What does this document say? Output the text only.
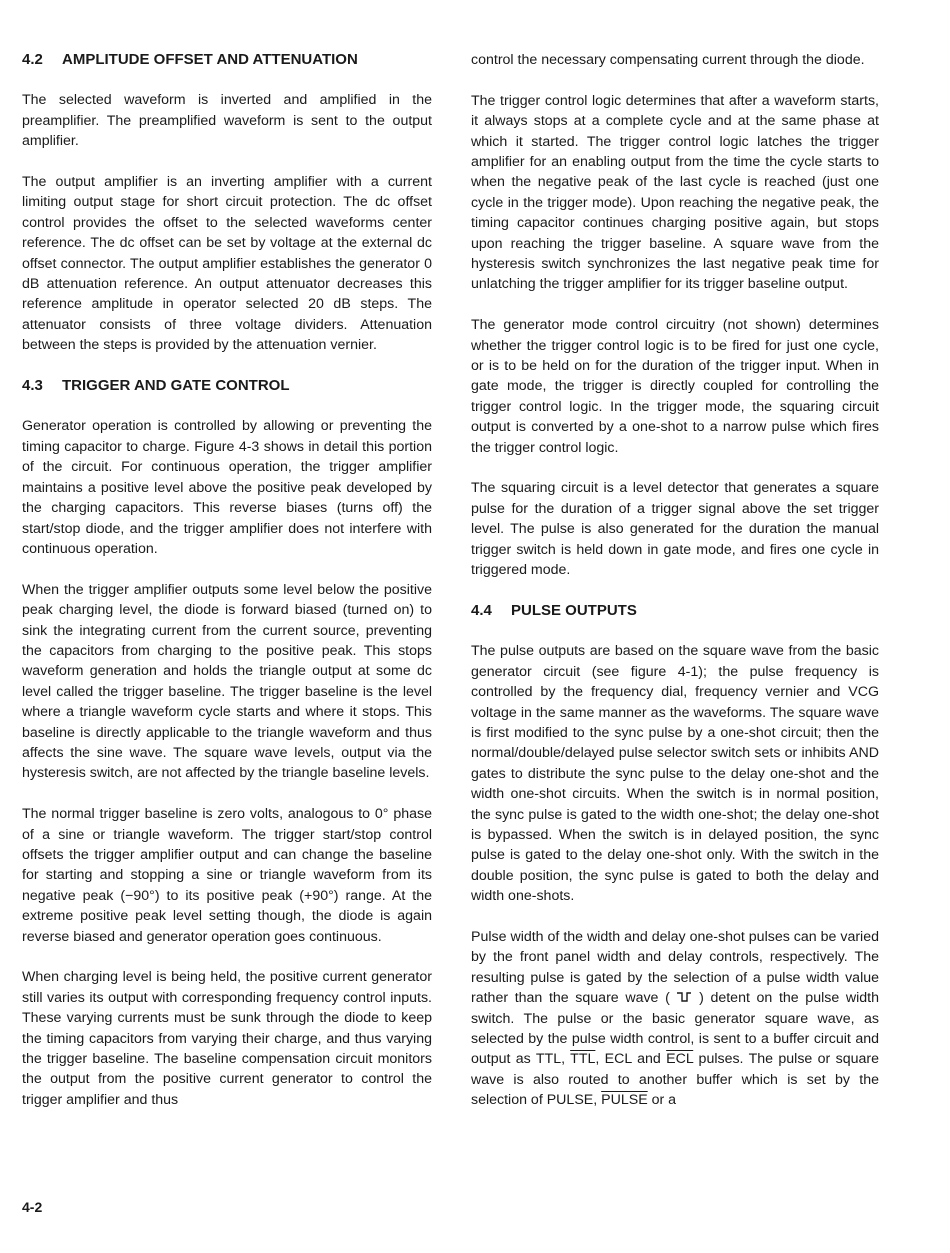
4.2 AMPLITUDE OFFSET AND ATTENUATION

The selected waveform is inverted and amplified in the preamplifier. The preamplified waveform is sent to the output amplifier.

The output amplifier is an inverting amplifier with a current limiting output stage for short circuit protection. The dc offset control provides the offset to the selected waveforms center reference. The dc offset can be set by voltage at the external dc offset connector. The output amplifier establishes the generator 0 dB attenuation reference. An output attenuator decreases this reference amplitude in operator selected 20 dB steps. The attenuator consists of three voltage dividers. Attenuation between the steps is provided by the attenuation vernier.

4.3 TRIGGER AND GATE CONTROL

Generator operation is controlled by allowing or preventing the timing capacitor to charge. Figure 4-3 shows in detail this portion of the circuit. For continuous operation, the trigger amplifier maintains a positive level above the positive peak developed by the charging capacitors. This reverse biases (turns off) the start/stop diode, and the trigger amplifier does not interfere with continuous operation.

When the trigger amplifier outputs some level below the positive peak charging level, the diode is forward biased (turned on) to sink the integrating current from the current source, preventing the capacitors from charging to the positive peak. This stops waveform generation and holds the triangle output at some dc level called the trigger baseline. The trigger baseline is the level where a triangle waveform cycle starts and where it stops. This baseline is directly applicable to the triangle waveform and thus affects the sine wave. The square wave levels, output via the hysteresis switch, are not affected by the triangle baseline levels.

The normal trigger baseline is zero volts, analogous to 0° phase of a sine or triangle waveform. The trigger start/stop control offsets the trigger amplifier output and can change the baseline for starting and stopping a sine or triangle waveform from its negative peak (−90°) to its positive peak (+90°) range. At the extreme positive peak level setting though, the diode is again reverse biased and generator operation goes continuous.

When charging level is being held, the positive current generator still varies its output with corresponding frequency control inputs. These varying currents must be sunk through the diode to keep the timing capacitors from varying their charge, and thus varying the trigger baseline. The baseline compensation circuit monitors the output from the positive current generator to control the trigger amplifier and thus

control the necessary compensating current through the diode.

The trigger control logic determines that after a waveform starts, it always stops at a complete cycle and at the same phase at which it started. The trigger control logic latches the trigger amplifier for an enabling output from the time the cycle starts to when the negative peak of the last cycle is reached (just one cycle in the trigger mode). Upon reaching the negative peak, the timing capacitor continues charging positive again, but stops upon reaching the trigger baseline. A square wave from the hysteresis switch synchronizes the last negative peak time for unlatching the trigger amplifier for its trigger baseline output.

The generator mode control circuitry (not shown) determines whether the trigger control logic is to be fired for just one cycle, or is to be held on for the duration of the trigger input. When in gate mode, the trigger is directly coupled for controlling the trigger control logic. In the trigger mode, the squaring circuit output is converted by a one-shot to a narrow pulse which fires the trigger control logic.

The squaring circuit is a level detector that generates a square pulse for the duration of a trigger signal above the set trigger level. The pulse is also generated for the duration the manual trigger switch is held down in gate mode, and fires one cycle in triggered mode.

4.4 PULSE OUTPUTS

The pulse outputs are based on the square wave from the basic generator circuit (see figure 4-1); the pulse frequency is controlled by the frequency dial, frequency vernier and VCG voltage in the same manner as the waveforms. The square wave is first modified to the sync pulse by a one-shot circuit; then the normal/double/delayed pulse selector switch sets or inhibits AND gates to distribute the sync pulse to the delay one-shot and the width one-shot circuits. When the switch is in normal position, the sync pulse is gated to the width one-shot; the delay one-shot is bypassed. When the switch is in delayed position, the sync pulse is gated to the delay one-shot only. With the switch in the double position, the sync pulse is gated to both the delay and width one-shots.

Pulse width of the width and delay one-shot pulses can be varied by the front panel width and delay controls, respectively. The resulting pulse is gated by the selection of a pulse width value rather than the square wave ( ) detent on the pulse width switch. The pulse or the basic generator square wave, as selected by the pulse width control, is sent to a buffer circuit and output as TTL, $\overline{TTL}$, ECL and $\overline{ECL}$ pulses. The pulse or square wave is also routed to another buffer which is set by the selection of PULSE, PULSE or a

4-2
